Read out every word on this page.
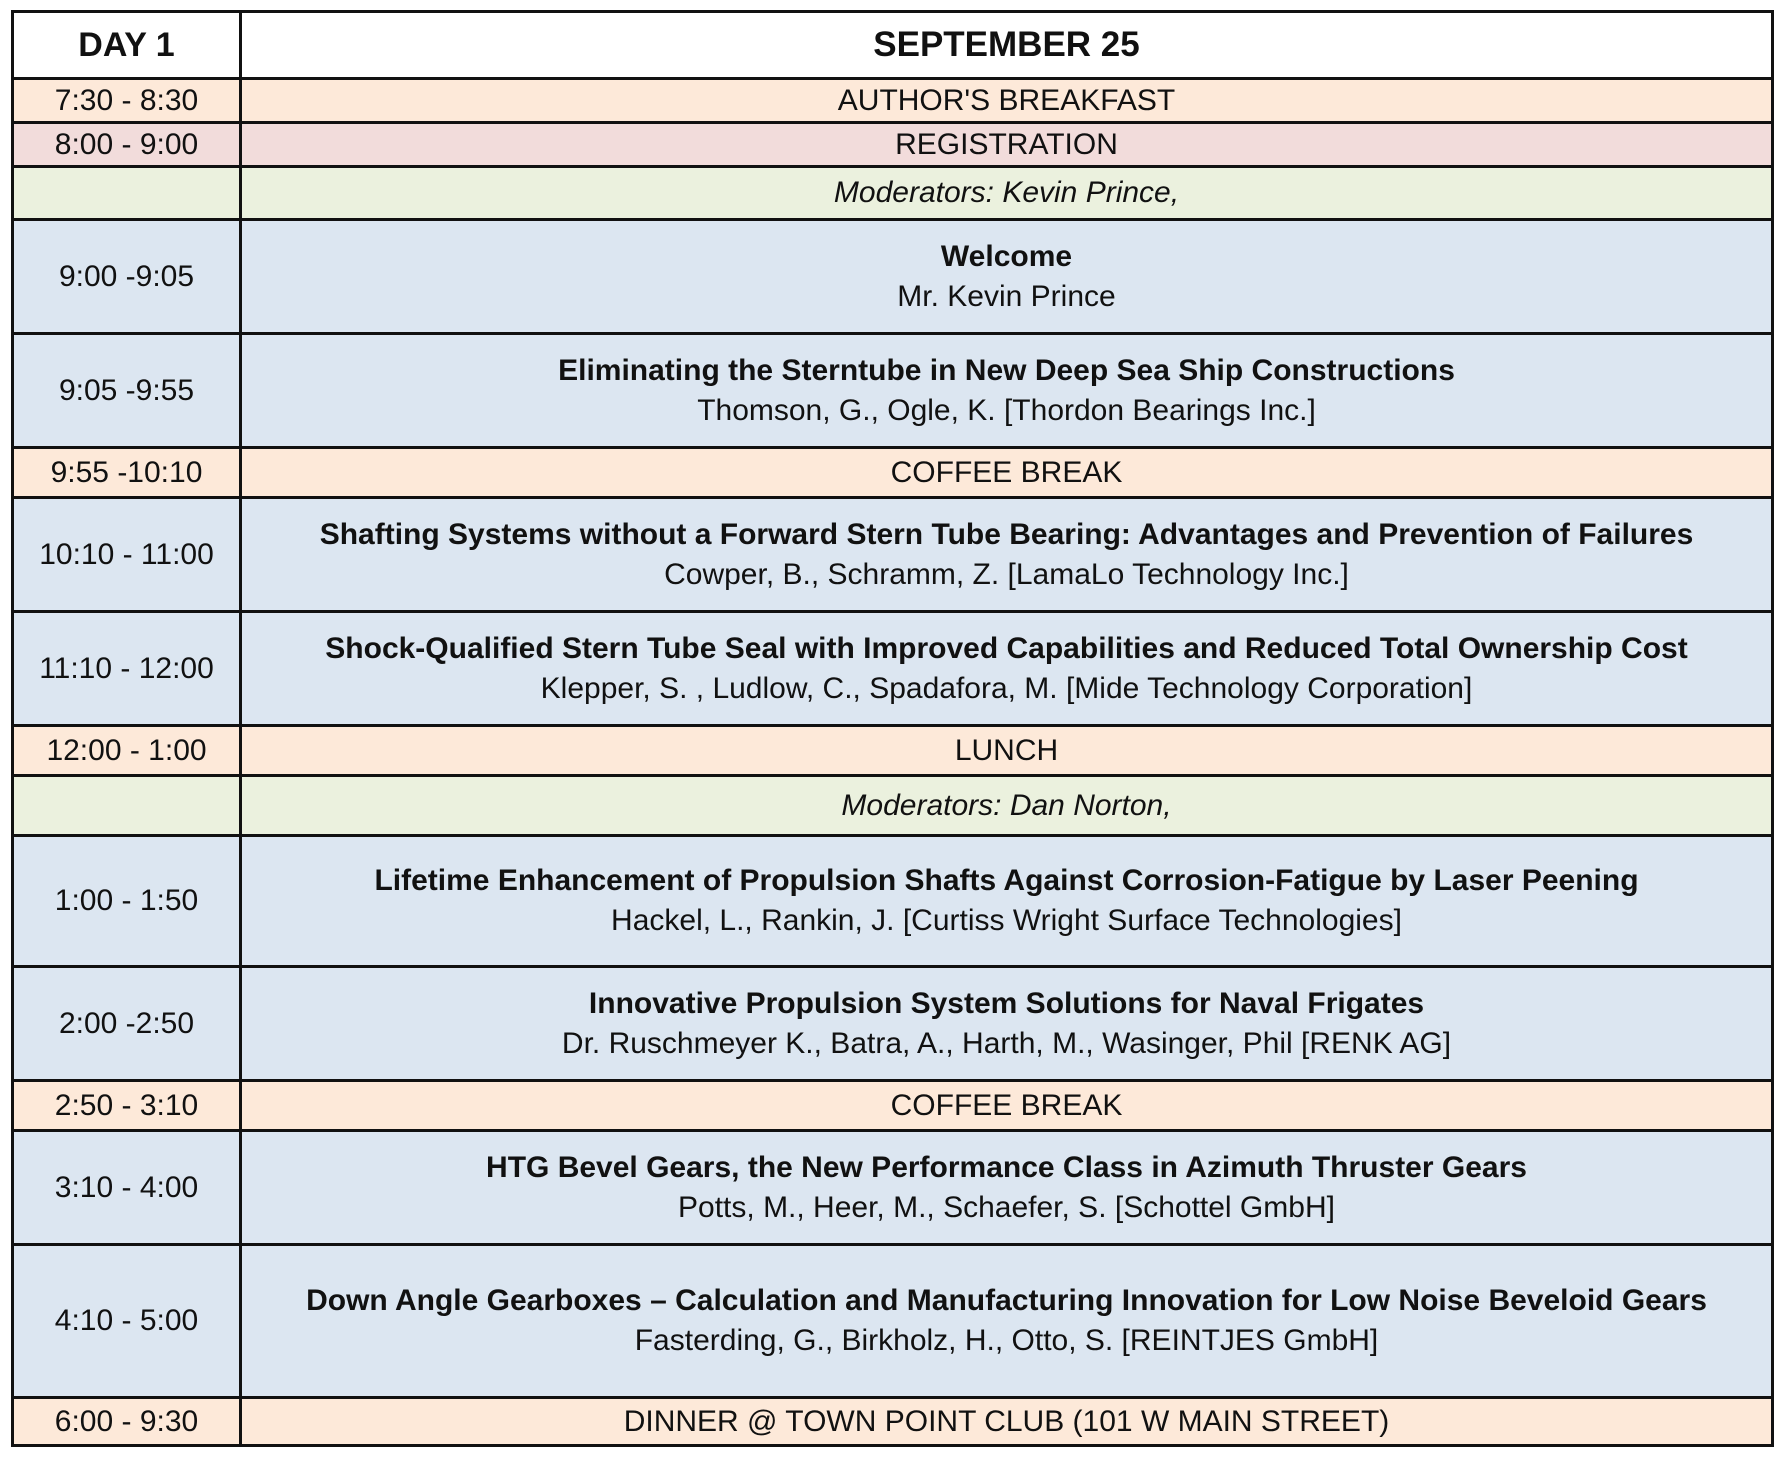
DAY 1	SEPTEMBER 25
7:30 - 8:30	AUTHOR'S BREAKFAST
8:00 - 9:00	REGISTRATION
	Moderators: Kevin Prince,
9:00 -9:05	Welcome
Mr. Kevin Prince

9:05 -9:55	Eliminating the Sterntube in New Deep Sea Ship Constructions
Thomson, G., Ogle, K. [Thordon Bearings Inc.]

9:55 -10:10	COFFEE BREAK
10:10 - 11:00	Shafting Systems without a Forward Stern Tube Bearing: Advantages and Prevention of Failures
Cowper, B., Schramm, Z. [LamaLo Technology Inc.]

11:10 - 12:00	Shock-Qualified Stern Tube Seal with Improved Capabilities and Reduced Total Ownership Cost
Klepper, S. , Ludlow, C., Spadafora, M. [Mide Technology Corporation]

12:00 - 1:00	LUNCH
	Moderators: Dan Norton,
1:00 - 1:50	Lifetime Enhancement of Propulsion Shafts Against Corrosion-Fatigue by Laser Peening
Hackel, L., Rankin, J. [Curtiss Wright Surface Technologies]

2:00 -2:50	Innovative Propulsion System Solutions for Naval Frigates
Dr. Ruschmeyer K., Batra, A., Harth, M., Wasinger, Phil [RENK AG]

2:50 - 3:10	COFFEE BREAK
3:10 - 4:00	HTG Bevel Gears, the New Performance Class in Azimuth Thruster Gears
Potts, M., Heer, M., Schaefer, S. [Schottel GmbH]

4:10 - 5:00	Down Angle Gearboxes – Calculation and Manufacturing Innovation for Low Noise Beveloid Gears
Fasterding, G., Birkholz, H., Otto, S. [REINTJES GmbH]

6:00 - 9:30	DINNER @ TOWN POINT CLUB (101 W MAIN STREET)
